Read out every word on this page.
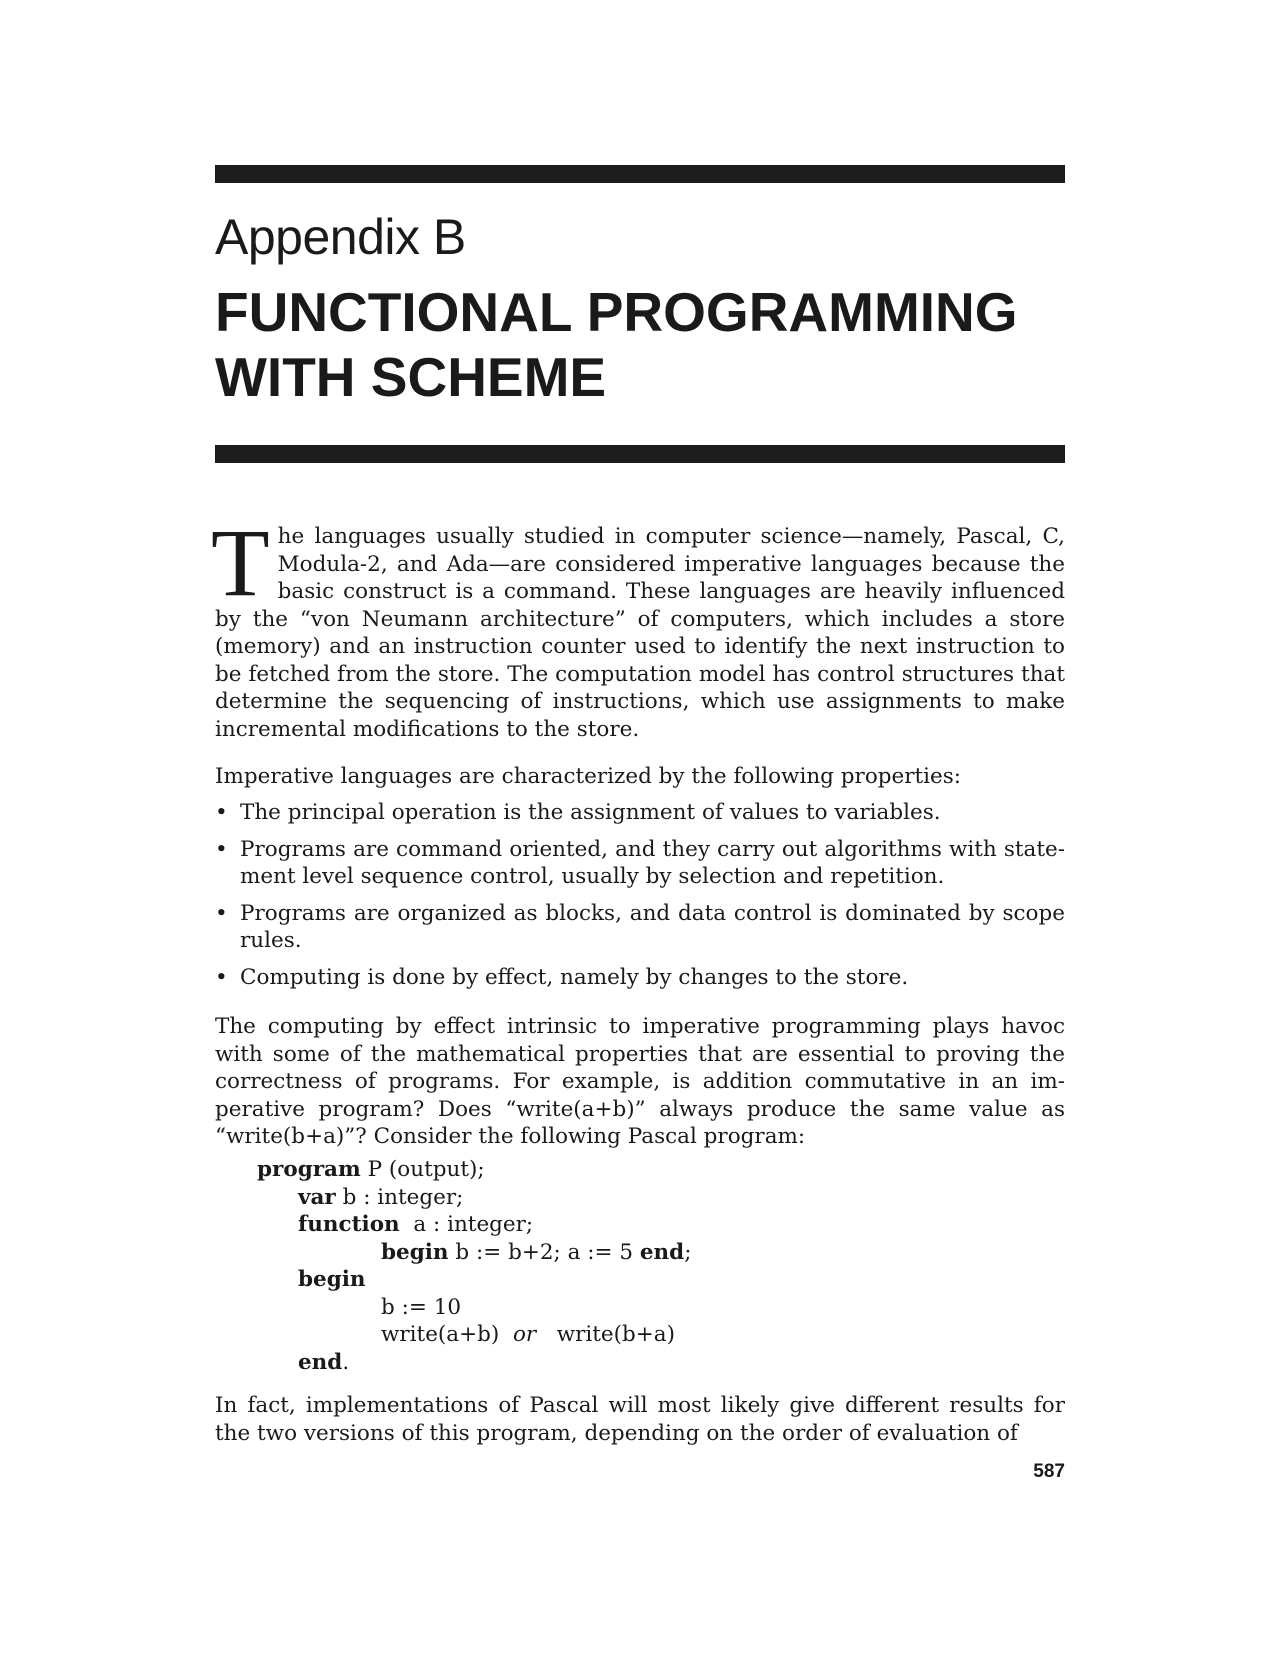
Appendix B
FUNCTIONAL PROGRAMMING
WITH SCHEME

The languages usually studied in computer science—namely, Pascal, C, Modula-2, and Ada—are considered imperative languages because the basic construct is a command. These languages are heavily influenced by the “von Neumann architecture” of computers, which includes a store (memory) and an instruction counter used to identify the next instruction to be fetched from the store. The computation model has control structures that determine the sequencing of instructions, which use assignments to make incremental modifications to the store.

Imperative languages are characterized by the following properties:

• The principal operation is the assignment of values to variables.
• Programs are command oriented, and they carry out algorithms with state-ment level sequence control, usually by selection and repetition.
• Programs are organized as blocks, and data control is dominated by scope rules.
• Computing is done by effect, namely by changes to the store.

The computing by effect intrinsic to imperative programming plays havoc with some of the mathematical properties that are essential to proving the correctness of programs. For example, is addition commutative in an im-perative program? Does “write(a+b)” always produce the same value as “write(b+a)”? Consider the following Pascal program:

program P (output);
var b : integer;
function  a : integer;
begin b := b+2; a := 5 end;
begin
b := 10
write(a+b)  or   write(b+a)
end.

In fact, implementations of Pascal will most likely give different results for the two versions of this program, depending on the order of evaluation of

587
